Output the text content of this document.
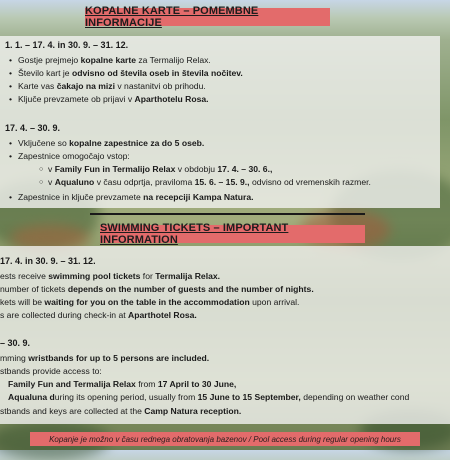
KOPALNE KARTE – POMEMBNE INFORMACIJE
1. 1. – 17. 4. in 30. 9. – 31. 12.
• Gostje prejmejo kopalne karte za Termalijo Relax.
• Število kart je odvisno od števila oseb in števila nočitev.
• Karte vas čakajo na mizi v nastanitvi ob prihodu.
• Ključe prevzamete ob prijavi v Aparthotelu Rosa.
17. 4. – 30. 9.
• Vključene so kopalne zapestnice za do 5 oseb.
• Zapestnice omogočajo vstop:
○ v Family Fun in Termalijo Relax v obdobju 17. 4. – 30. 6.,
○ v Aqualuno v času odprtja, praviloma 15. 6. – 15. 9., odvisno od vremenskih razmer.
• Zapestnice in ključe prevzamete na recepciji Kampa Natura.
SWIMMING TICKETS – IMPORTANT INFORMATION
17. 4. in 30. 9. – 31. 12.
ests receive swimming pool tickets for Termalija Relax.
number of tickets depends on the number of guests and the number of nights.
kets will be waiting for you on the table in the accommodation upon arrival.
s are collected during check-in at Aparthotel Rosa.
– 30. 9.
mming wristbands for up to 5 persons are included.
stbands provide access to:
Family Fun and Termalija Relax from 17 April to 30 June,
Aqualuna during its opening period, usually from 15 June to 15 September, depending on weather cond
stbands and keys are collected at the Camp Natura reception.
Kopanje je možno v času rednega obratovanja bazenov / Pool access during regular opening hours
